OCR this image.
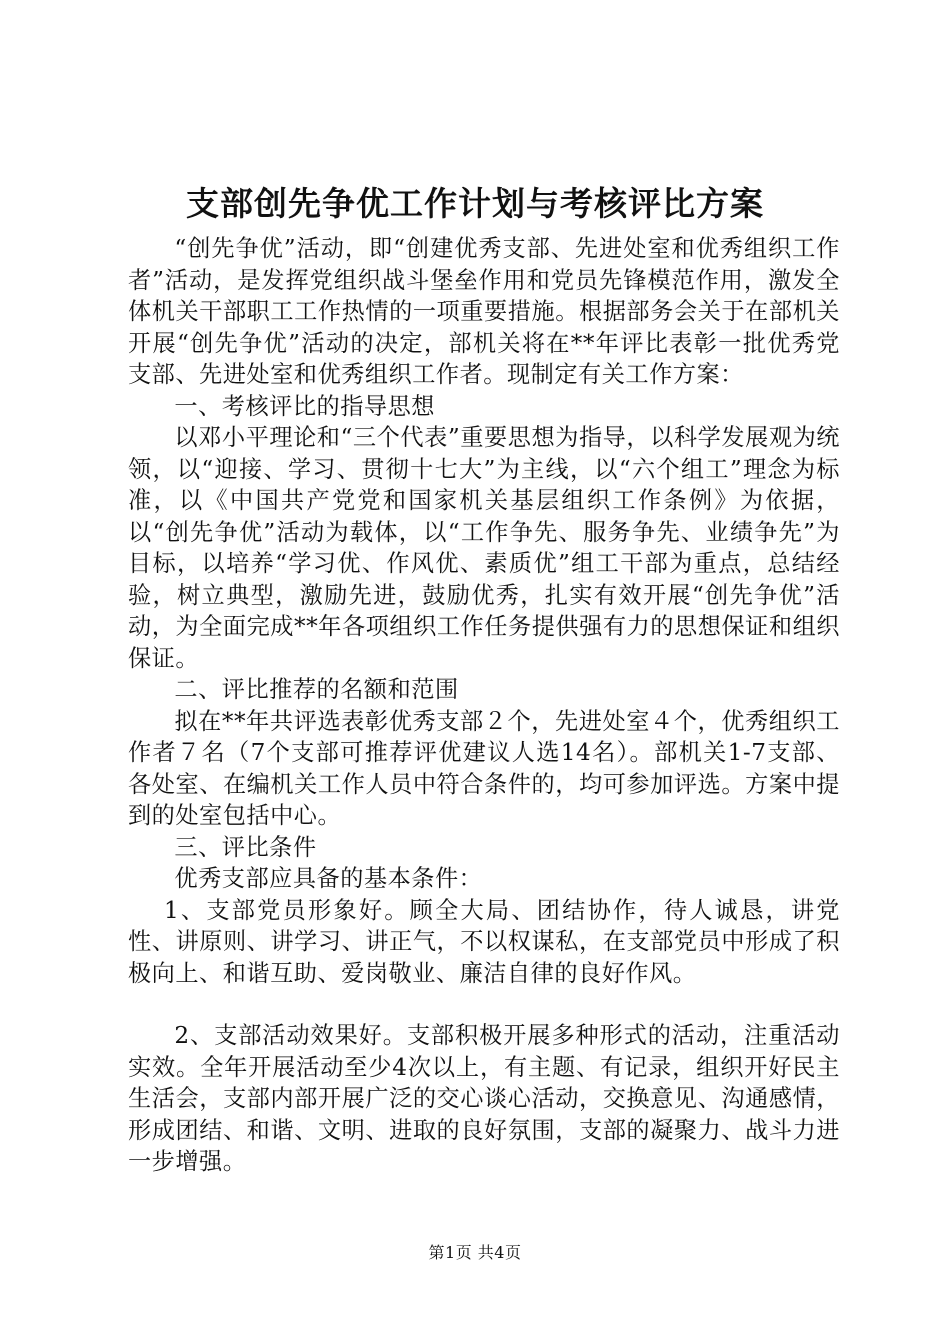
支部创先争优工作计划与考核评比方案

“创先争优”活动，即“创建优秀支部、先进处室和优秀组织工作者”活动，是发挥党组织战斗堡垒作用和党员先锋模范作用，激发全体机关干部职工工作热情的一项重要措施。根据部务会关于在部机关开展“创先争优”活动的决定，部机关将在**年评比表彰一批优秀党支部、先进处室和优秀组织工作者。现制定有关工作方案：

一、考核评比的指导思想

以邓小平理论和“三个代表”重要思想为指导，以科学发展观为统领，以“迎接、学习、贯彻十七大”为主线，以“六个组工”理念为标准，以《中国共产党党和国家机关基层组织工作条例》为依据，以“创先争优”活动为载体，以“工作争先、服务争先、业绩争先”为目标，以培养“学习优、作风优、素质优”组工干部为重点，总结经验，树立典型，激励先进，鼓励优秀，扎实有效开展“创先争优”活动，为全面完成**年各项组织工作任务提供强有力的思想保证和组织保证。

二、评比推荐的名额和范围

拟在**年共评选表彰优秀支部２个，先进处室４个，优秀组织工作者７名（7个支部可推荐评优建议人选14名）。部机关1-7支部、各处室、在编机关工作人员中符合条件的，均可参加评选。方案中提到的处室包括中心。

三、评比条件

优秀支部应具备的基本条件：

1、支部党员形象好。顾全大局、团结协作，待人诚恳，讲党性、讲原则、讲学习、讲正气，不以权谋私，在支部党员中形成了积极向上、和谐互助、爱岗敬业、廉洁自律的良好作风。

2、支部活动效果好。支部积极开展多种形式的活动，注重活动实效。全年开展活动至少4次以上，有主题、有记录，组织开好民主生活会，支部内部开展广泛的交心谈心活动，交换意见、沟通感情，形成团结、和谐、文明、进取的良好氛围，支部的凝聚力、战斗力进一步增强。

第1页 共4页
